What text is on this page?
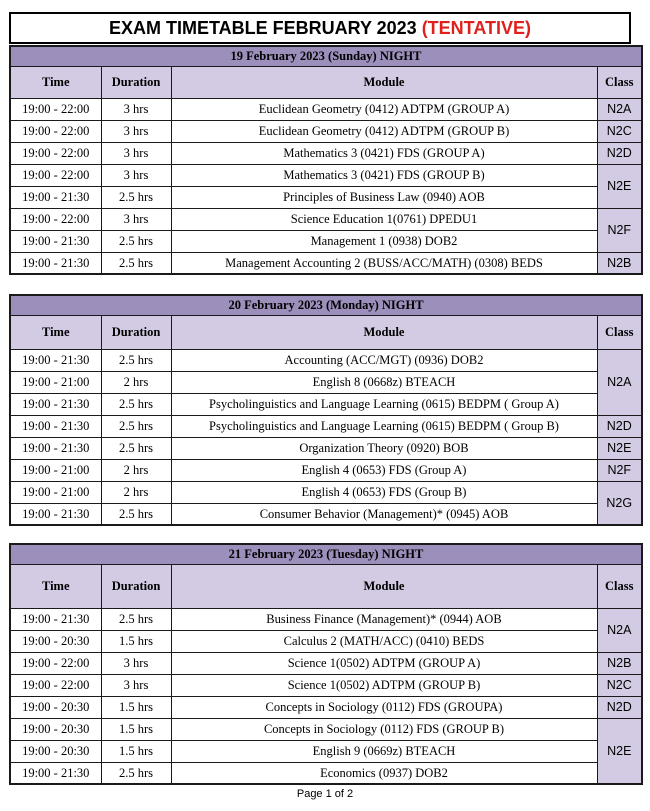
EXAM TIMETABLE FEBRUARY 2023 (TENTATIVE)
19 February 2023 (Sunday) NIGHT			
Time	Duration	Module	Class
19:00 - 22:00	3 hrs	Euclidean Geometry (0412) ADTPM (GROUP A)	N2A
19:00 - 22:00	3 hrs	Euclidean Geometry (0412) ADTPM (GROUP B)	N2C
19:00 - 22:00	3 hrs	Mathematics 3 (0421) FDS (GROUP A)	N2D
19:00 - 22:00	3 hrs	Mathematics 3 (0421) FDS (GROUP B)	N2E
19:00 - 21:30	2.5 hrs	Principles of Business Law (0940) AOB	
19:00 - 22:00	3 hrs	Science Education 1(0761) DPEDU1	N2F
19:00 - 21:30	2.5 hrs	Management 1 (0938) DOB2	
19:00 - 21:30	2.5 hrs	Management Accounting 2 (BUSS/ACC/MATH) (0308) BEDS	N2B
20 February 2023 (Monday) NIGHT			
Time	Duration	Module	Class
19:00 - 21:30	2.5 hrs	Accounting (ACC/MGT) (0936) DOB2	N2A
19:00 - 21:00	2 hrs	English 8 (0668z) BTEACH	
19:00 - 21:30	2.5 hrs	Psycholinguistics and Language Learning (0615) BEDPM ( Group A)	
19:00 - 21:30	2.5 hrs	Psycholinguistics and Language Learning (0615) BEDPM ( Group B)	N2D
19:00 - 21:30	2.5 hrs	Organization Theory (0920) BOB	N2E
19:00 - 21:00	2 hrs	English 4 (0653) FDS (Group A)	N2F
19:00 - 21:00	2 hrs	English 4 (0653) FDS (Group B)	N2G
19:00 - 21:30	2.5 hrs	Consumer Behavior (Management)* (0945) AOB	
21 February 2023 (Tuesday) NIGHT			
Time	Duration	Module	Class
19:00 - 21:30	2.5 hrs	Business Finance (Management)* (0944) AOB	N2A
19:00 - 20:30	1.5 hrs	Calculus 2 (MATH/ACC) (0410) BEDS	
19:00 - 22:00	3 hrs	Science 1(0502) ADTPM (GROUP A)	N2B
19:00 - 22:00	3 hrs	Science 1(0502) ADTPM (GROUP B)	N2C
19:00 - 20:30	1.5 hrs	Concepts in Sociology (0112) FDS (GROUPA)	N2D
19:00 - 20:30	1.5 hrs	Concepts in Sociology (0112) FDS (GROUP B)	N2E
19:00 - 20:30	1.5 hrs	English 9 (0669z) BTEACH	
19:00 - 21:30	2.5 hrs	Economics (0937) DOB2	
Page 1 of 2
